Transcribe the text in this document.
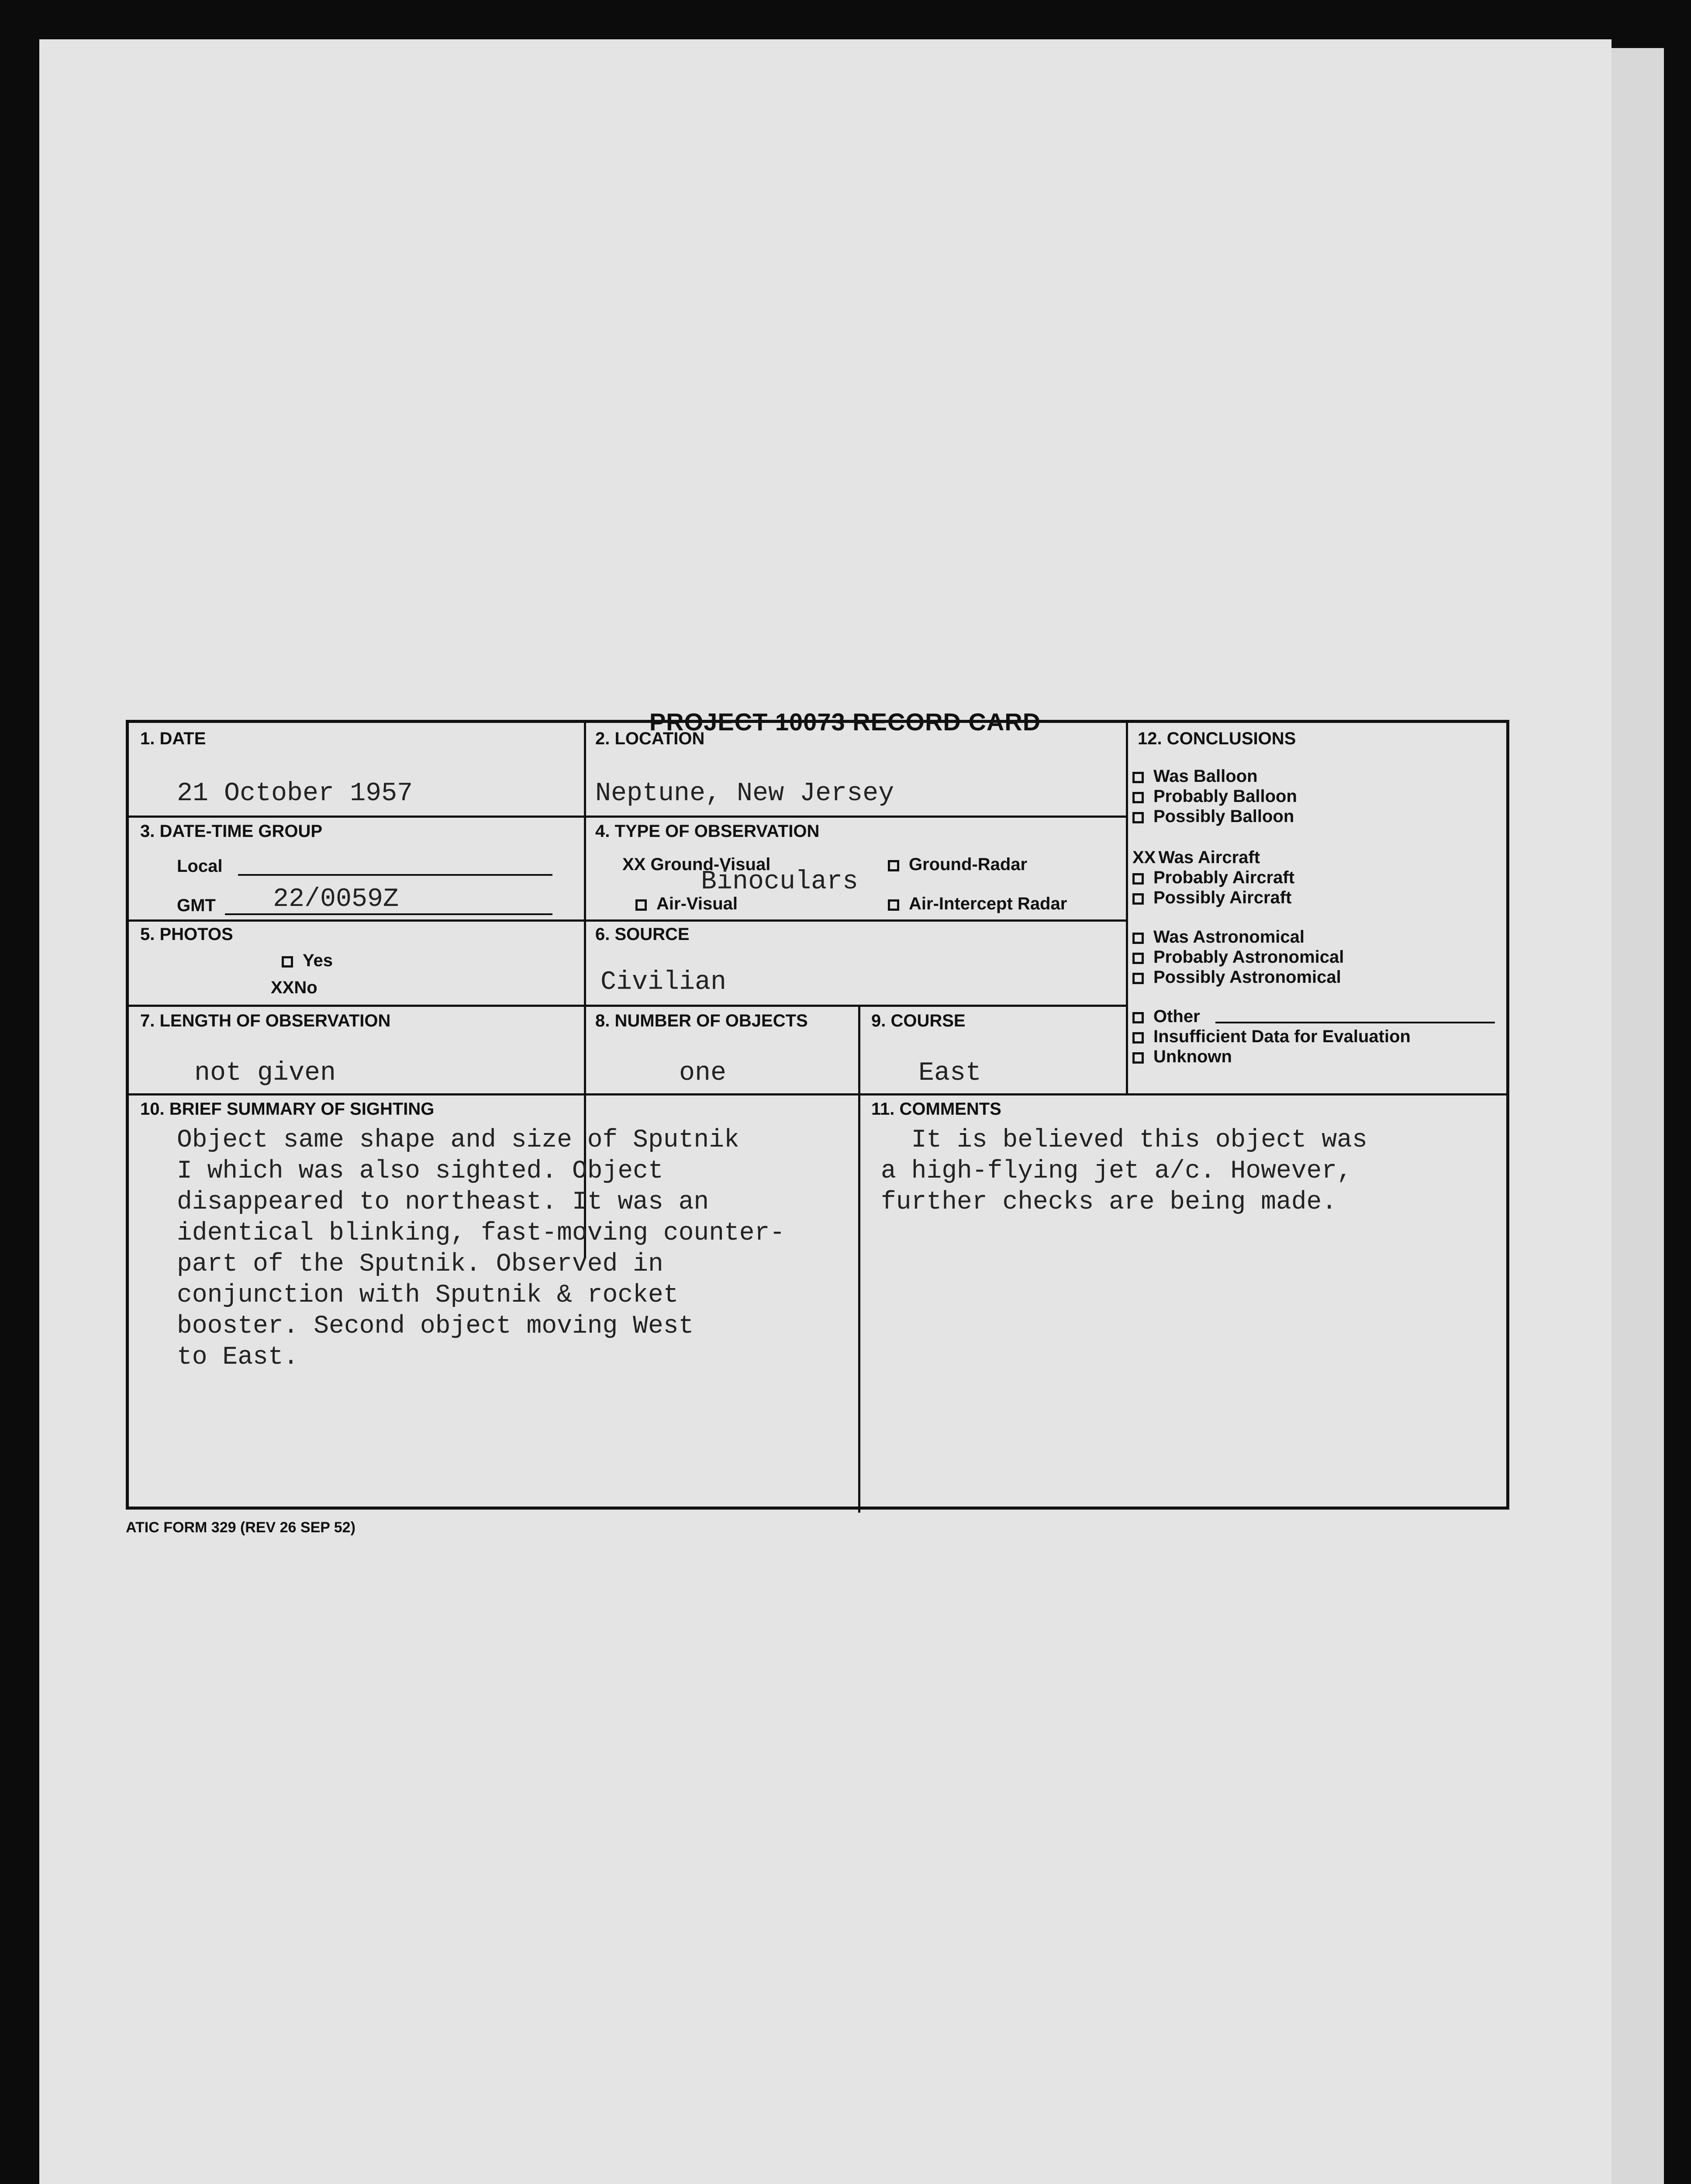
PROJECT 10073 RECORD CARD
1. DATE
21 October 1957
2. LOCATION
Neptune, New Jersey
3. DATE-TIME GROUP
Local
GMT 22/0059Z
4. TYPE OF OBSERVATION
XX Ground-Visual
Binoculars
Air-Visual
Ground-Radar
Air-Intercept Radar
5. PHOTOS
Yes
XXNo
6. SOURCE
Civilian
7. LENGTH OF OBSERVATION
not given
8. NUMBER OF OBJECTS
one
9. COURSE
East
10. BRIEF SUMMARY OF SIGHTING
Object same shape and size of Sputnik
I which was also sighted. Object
disappeared to northeast. It was an
identical blinking, fast-moving counter-
part of the Sputnik. Observed in
conjunction with Sputnik & rocket
booster. Second object moving West
to East.
11. COMMENTS
It is believed this object was
a high-flying jet a/c. However,
further checks are being made.
12. CONCLUSIONS
Was Balloon
Probably Balloon
Possibly Balloon
XX Was Aircraft
Probably Aircraft
Possibly Aircraft
Was Astronomical
Probably Astronomical
Possibly Astronomical
Other
Insufficient Data for Evaluation
Unknown
ATIC FORM 329 (REV 26 SEP 52)
